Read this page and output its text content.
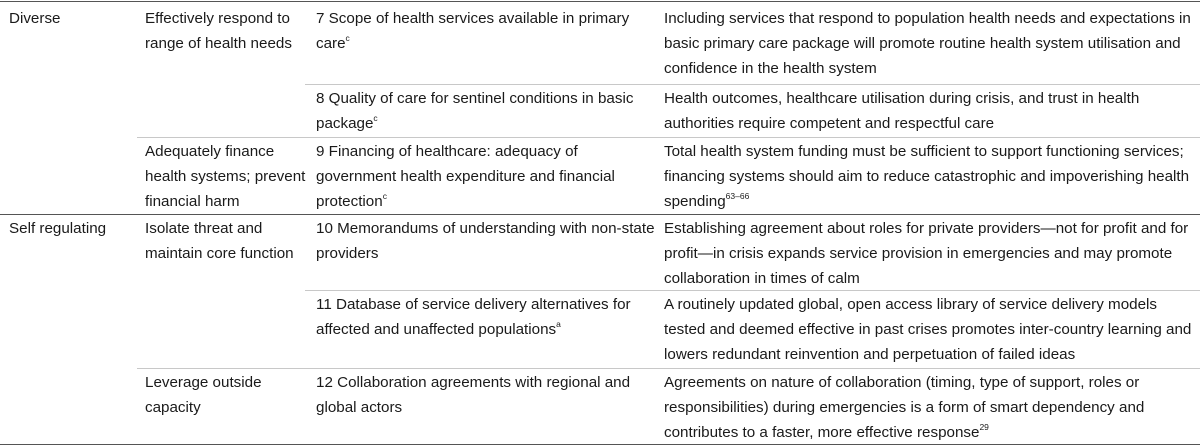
Diverse	Effectively respond to range of health needs
7 Scope of health services available in primary care$^c$
Including services that respond to population health needs and expectations in basic primary care package will promote routine health system utilisation and confidence in the health system
8 Quality of care for sentinel conditions in basic package$^c$
Health outcomes, healthcare utilisation during crisis, and trust in health authorities require competent and respectful care
Adequately finance health systems; prevent financial harm
9 Financing of healthcare: adequacy of government health expenditure and financial protection$^c$
Total health system funding must be sufficient to support functioning services; financing systems should aim to reduce catastrophic and impoverishing health spending$^{63-66}$
Self regulating	Isolate threat and maintain core function
10 Memorandums of understanding with non-state providers
Establishing agreement about roles for private providers—not for profit and for profit—in crisis expands service provision in emergencies and may promote collaboration in times of calm
11 Database of service delivery alternatives for affected and unaffected populations$^a$
A routinely updated global, open access library of service delivery models tested and deemed effective in past crises promotes inter-country learning and lowers redundant reinvention and perpetuation of failed ideas
Leverage outside capacity
12 Collaboration agreements with regional and global actors
Agreements on nature of collaboration (timing, type of support, roles or responsibilities) during emergencies is a form of smart dependency and contributes to a faster, more effective response$^{29}$
